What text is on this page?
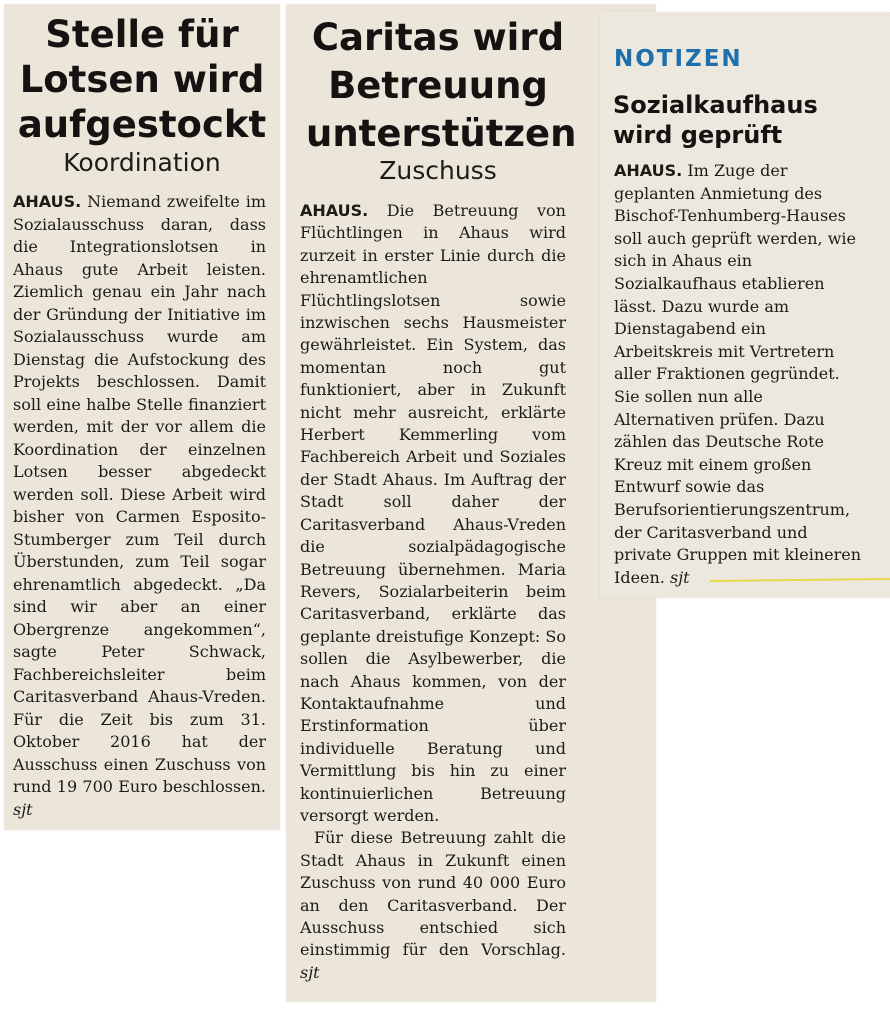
Stelle für Lotsen wird aufgestockt
Koordination

AHAUS. Niemand zweifelte im Sozialausschuss daran, dass die Integrationslotsen in Ahaus gute Arbeit leisten. Ziemlich genau ein Jahr nach der Gründung der Initiative im Sozialausschuss wurde am Dienstag die Aufstockung des Projekts beschlossen. Damit soll eine halbe Stelle finanziert werden, mit der vor allem die Koordination der einzelnen Lotsen besser abgedeckt werden soll. Diese Arbeit wird bisher von Carmen Esposito-Stumberger zum Teil durch Überstunden, zum Teil sogar ehrenamtlich abgedeckt. „Da sind wir aber an einer Obergrenze angekommen“, sagte Peter Schwack, Fachbereichsleiter beim Caritasverband Ahaus-Vreden. Für die Zeit bis zum 31. Oktober 2016 hat der Ausschuss einen Zuschuss von rund 19 700 Euro beschlossen. sjt

Caritas wird Betreuung unterstützen
Zuschuss

AHAUS. Die Betreuung von Flüchtlingen in Ahaus wird zurzeit in erster Linie durch die ehrenamtlichen Flüchtlingslotsen sowie inzwischen sechs Hausmeister gewährleistet. Ein System, das momentan noch gut funktioniert, aber in Zukunft nicht mehr ausreicht, erklärte Herbert Kemmerling vom Fachbereich Arbeit und Soziales der Stadt Ahaus. Im Auftrag der Stadt soll daher der Caritasverband Ahaus-Vreden die sozialpädagogische Betreuung übernehmen. Maria Revers, Sozialarbeiterin beim Caritasverband, erklärte das geplante dreistufige Konzept: So sollen die Asylbewerber, die nach Ahaus kommen, von der Kontaktaufnahme und Erstinformation über individuelle Beratung und Vermittlung bis hin zu einer kontinuierlichen Betreuung versorgt werden.

Für diese Betreuung zahlt die Stadt Ahaus in Zukunft einen Zuschuss von rund 40 000 Euro an den Caritasverband. Der Ausschuss entschied sich einstimmig für den Vorschlag. sjt

NOTIZEN
Sozialkaufhaus wird geprüft

AHAUS. Im Zuge der geplanten Anmietung des Bischof-Tenhumberg-Hauses soll auch geprüft werden, wie sich in Ahaus ein Sozialkaufhaus etablieren lässt. Dazu wurde am Dienstagabend ein Arbeitskreis mit Vertretern aller Fraktionen gegründet. Sie sollen nun alle Alternativen prüfen. Dazu zählen das Deutsche Rote Kreuz mit einem großen Entwurf sowie das Berufsorientierungszentrum, der Caritasverband und private Gruppen mit kleineren Ideen. sjt
